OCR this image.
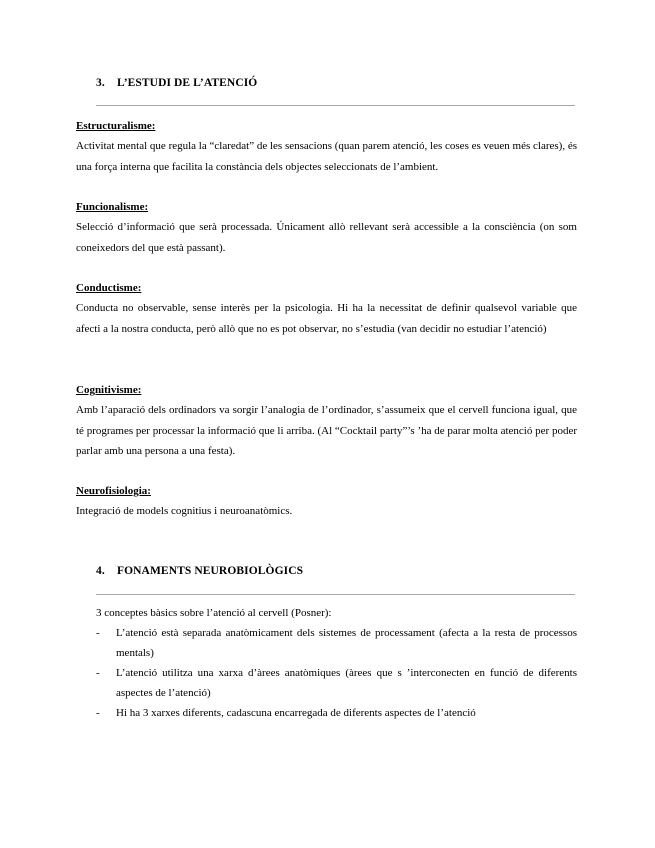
3. L’ESTUDI DE L’ATENCIÓ
Estructuralisme:
Activitat mental que regula la “claredat” de les sensacions (quan parem atenció, les coses es veuen més clares), és una força interna que facilita la constància dels objectes seleccionats de l’ambient.
Funcionalisme:
Selecció d’informació que serà processada. Únicament allò rellevant serà accessible a la consciència (on som coneixedors del que està passant).
Conductisme:
Conducta no observable, sense interès per la psicologia. Hi ha la necessitat de definir qualsevol variable que afecti a la nostra conducta, però allò que no es pot observar, no s’estudia (van decidir no estudiar l’atenció)
Cognitivisme:
Amb l’aparació dels ordinadors va sorgir l’analogia de l’ordinador, s’assumeix que el cervell funciona igual, que té programes per processar la informació que li arriba. (Al “Cocktail party”’s ’ha de parar molta atenció per poder parlar amb una persona a una festa).
Neurofisiologia:
Integració de models cognitius i neuroanatòmics.
4. FONAMENTS NEUROBIOLÒGICS
3 conceptes bàsics sobre l’atenció al cervell (Posner):
- L’atenció està separada anatòmicament dels sistemes de processament (afecta a la resta de processos mentals)
- L’atenció utilitza una xarxa d’àrees anatòmiques (àrees que s ’interconecten en funció de diferents aspectes de l’atenció)
- Hi ha 3 xarxes diferents, cadascuna encarregada de diferents aspectes de l’atenció
